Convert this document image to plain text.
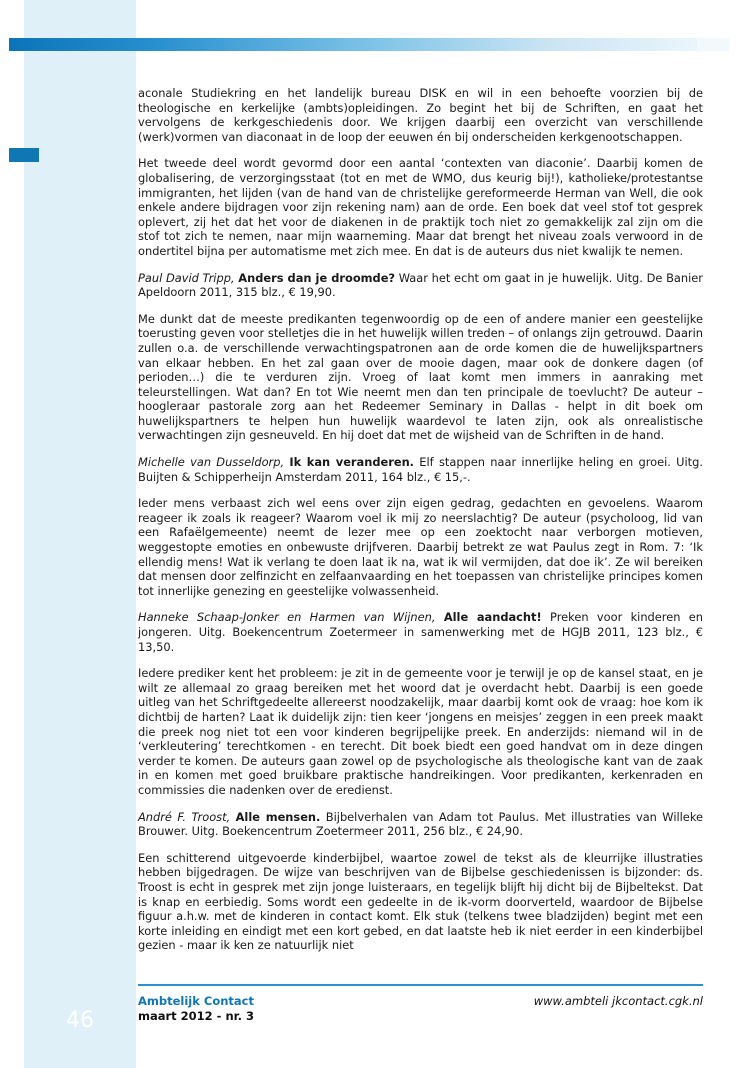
aconale Studiekring en het landelijk bureau DISK en wil in een behoefte voorzien bij de theologische en kerkelijke (ambts)opleidingen. Zo begint het bij de Schriften, en gaat het vervolgens de kerkgeschiedenis door. We krijgen daarbij een overzicht van verschillende (werk)vormen van diaconaat in de loop der eeuwen én bij onderscheiden kerkgenootschappen.

Het tweede deel wordt gevormd door een aantal ‘contexten van diaconie’. Daarbij komen de globalisering, de verzorgingsstaat (tot en met de WMO, dus keurig bij!), katholieke/protestantse immigranten, het lijden (van de hand van de christelijke gereformeerde Herman van Well, die ook enkele andere bijdragen voor zijn rekening nam) aan de orde. Een boek dat veel stof tot gesprek oplevert, zij het dat het voor de diakenen in de praktijk toch niet zo gemakkelijk zal zijn om die stof tot zich te nemen, naar mijn waarneming. Maar dat brengt het niveau zoals verwoord in de ondertitel bijna per automatisme met zich mee. En dat is de auteurs dus niet kwalijk te nemen.

Paul David Tripp, Anders dan je droomde? Waar het echt om gaat in je huwelijk. Uitg. De Banier Apeldoorn 2011, 315 blz., € 19,90.

Me dunkt dat de meeste predikanten tegenwoordig op de een of andere manier een geestelijke toerusting geven voor stelletjes die in het huwelijk willen treden – of onlangs zijn getrouwd. Daarin zullen o.a. de verschillende verwachtingspatronen aan de orde komen die de huwelijkspartners van elkaar hebben. En het zal gaan over de mooie dagen, maar ook de donkere dagen (of perioden…) die te verduren zijn. Vroeg of laat komt men immers in aanraking met teleurstellingen. Wat dan? En tot Wie neemt men dan ten principale de toevlucht? De auteur – hoogleraar pastorale zorg aan het Redeemer Seminary in Dallas - helpt in dit boek om huwelijkspartners te helpen hun huwelijk waardevol te laten zijn, ook als onrealistische verwachtingen zijn gesneuveld. En hij doet dat met de wijsheid van de Schriften in de hand.

Michelle van Dusseldorp, Ik kan veranderen. Elf stappen naar innerlijke heling en groei. Uitg. Buijten & Schipperheijn Amsterdam 2011, 164 blz., € 15,-.

Ieder mens verbaast zich wel eens over zijn eigen gedrag, gedachten en gevoelens. Waarom reageer ik zoals ik reageer? Waarom voel ik mij zo neerslachtig? De auteur (psycholoog, lid van een Rafaëlgemeente) neemt de lezer mee op een zoektocht naar verborgen motieven, weggestopte emoties en onbewuste drijfveren. Daarbij betrekt ze wat Paulus zegt in Rom. 7: ‘Ik ellendig mens! Wat ik verlang te doen laat ik na, wat ik wil vermijden, dat doe ik’. Ze wil bereiken dat mensen door zelfinzicht en zelfaanvaarding en het toepassen van christelijke principes komen tot innerlijke genezing en geestelijke volwassenheid.

Hanneke Schaap-Jonker en Harmen van Wijnen, Alle aandacht! Preken voor kinderen en jongeren. Uitg. Boekencentrum Zoetermeer in samenwerking met de HGJB 2011, 123 blz., € 13,50.

Iedere prediker kent het probleem: je zit in de gemeente voor je terwijl je op de kansel staat, en je wilt ze allemaal zo graag bereiken met het woord dat je overdacht hebt. Daarbij is een goede uitleg van het Schriftgedeelte allereerst noodzakelijk, maar daarbij komt ook de vraag: hoe kom ik dichtbij de harten? Laat ik duidelijk zijn: tien keer ‘jongens en meisjes’ zeggen in een preek maakt die preek nog niet tot een voor kinderen begrijpelijke preek. En anderzijds: niemand wil in de ‘verkleutering’ terechtkomen - en terecht. Dit boek biedt een goed handvat om in deze dingen verder te komen. De auteurs gaan zowel op de psychologische als theologische kant van de zaak in en komen met goed bruikbare praktische handreikingen. Voor predikanten, kerkenraden en commissies die nadenken over de eredienst.

André F. Troost, Alle mensen. Bijbelverhalen van Adam tot Paulus. Met illustraties van Willeke Brouwer. Uitg. Boekencentrum Zoetermeer 2011, 256 blz., € 24,90.

Een schitterend uitgevoerde kinderbijbel, waartoe zowel de tekst als de kleurrijke illustraties hebben bijgedragen. De wijze van beschrijven van de Bijbelse geschiedenissen is bijzonder: ds. Troost is echt in gesprek met zijn jonge luisteraars, en tegelijk blijft hij dicht bij de Bijbeltekst. Dat is knap en eerbiedig. Soms wordt een gedeelte in de ik-vorm doorverteld, waardoor de Bijbelse figuur a.h.w. met de kinderen in contact komt. Elk stuk (telkens twee bladzijden) begint met een korte inleiding en eindigt met een kort gebed, en dat laatste heb ik niet eerder in een kinderbijbel gezien - maar ik ken ze natuurlijk niet

46
Ambtelijk Contact
maart 2012 - nr. 3
www.ambteli jkcontact.cgk.nl
